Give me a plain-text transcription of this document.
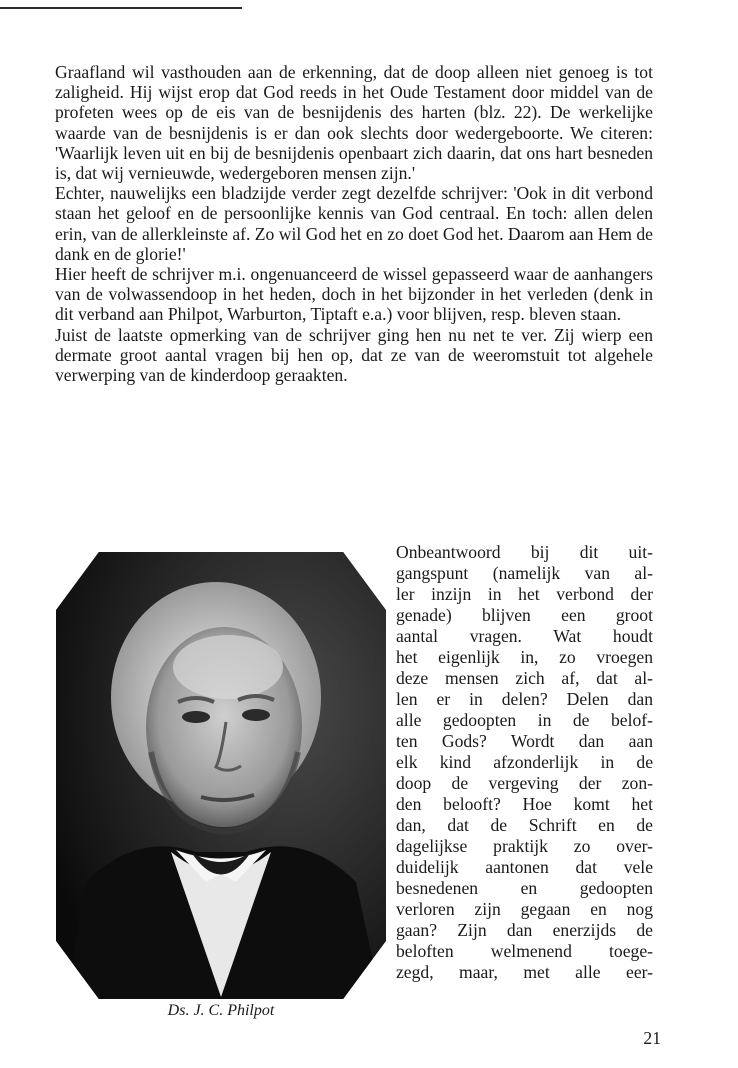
Graafland wil vasthouden aan de erkenning, dat de doop alleen niet genoeg is tot zaligheid. Hij wijst erop dat God reeds in het Oude Testament door middel van de profeten wees op de eis van de besnijdenis des harten (blz. 22). De werkelijke waarde van de besnijdenis is er dan ook slechts door wedergeboorte. We citeren: 'Waarlijk leven uit en bij de besnijdenis openbaart zich daarin, dat ons hart besneden is, dat wij vernieuwde, wedergeboren mensen zijn.'

Echter, nauwelijks een bladzijde verder zegt dezelfde schrijver: 'Ook in dit verbond staan het geloof en de persoonlijke kennis van God centraal. En toch: allen delen erin, van de allerkleinste af. Zo wil God het en zo doet God het. Daarom aan Hem de dank en de glorie!'

Hier heeft de schrijver m.i. ongenuanceerd de wissel gepasseerd waar de aanhangers van de volwassendoop in het heden, doch in het bijzonder in het verleden (denk in dit verband aan Philpot, Warburton, Tiptaft e.a.) voor blijven, resp. bleven staan.

Juist de laatste opmerking van de schrijver ging hen nu net te ver. Zij wierp een dermate groot aantal vragen bij hen op, dat ze van de weeromstuit tot algehele verwerping van de kinderdoop geraakten.

Ds. J. C. Philpot
Onbeantwoord bij dit uit-
gangspunt (namelijk van al-
ler inzijn in het verbond der
genade) blijven een groot
aantal vragen. Wat houdt
het eigenlijk in, zo vroegen
deze mensen zich af, dat al-
len er in delen? Delen dan
alle gedoopten in de belof-
ten Gods? Wordt dan aan
elk kind afzonderlijk in de
doop de vergeving der zon-
den belooft? Hoe komt het
dan, dat de Schrift en de
dagelijkse praktijk zo over-
duidelijk aantonen dat vele
besnedenen en gedoopten
verloren zijn gegaan en nog
gaan? Zijn dan enerzijds de
beloften welmenend toege-
zegd, maar, met alle eer-
21
